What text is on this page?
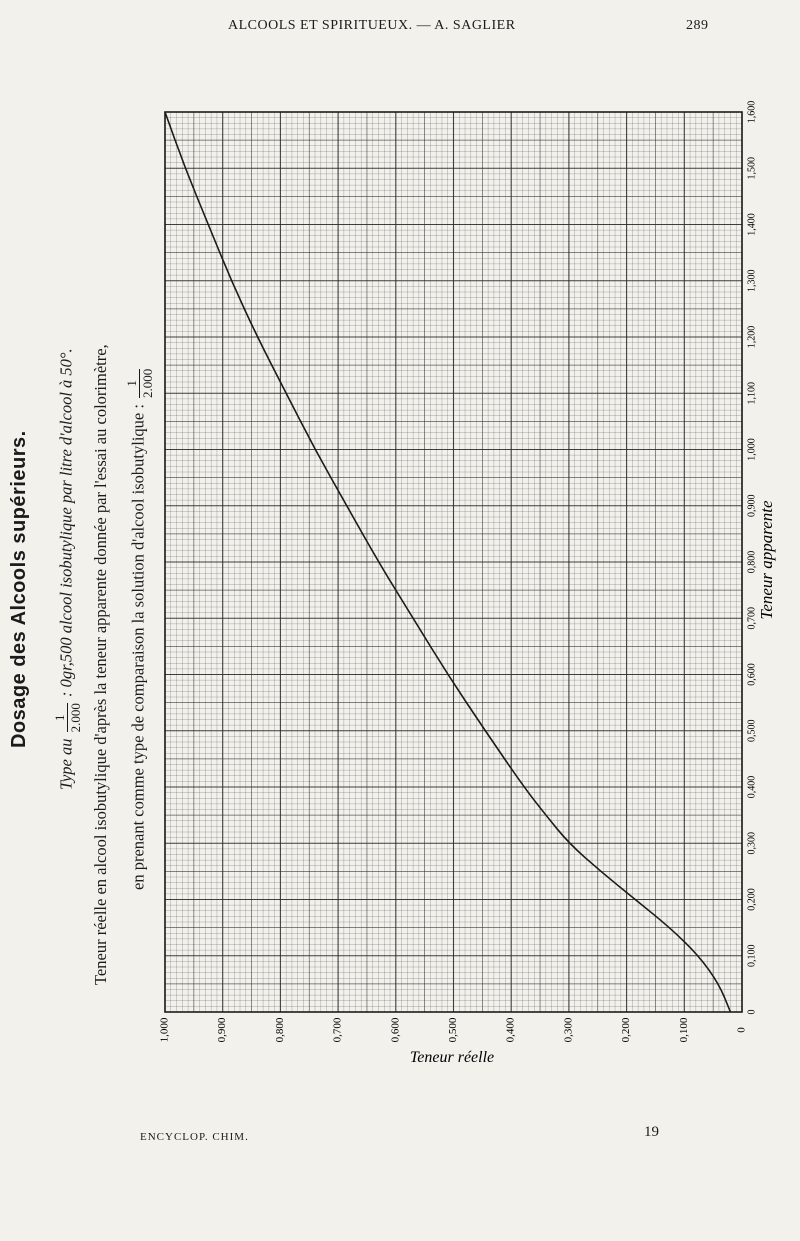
ALCOOLS ET SPIRITUEUX. — A. SAGLIER	289
Dosage des Alcools supérieurs.
Type au
1 2.000
: 0gr,500 alcool isobutylique par litre d'alcool à 50°. Teneur réelle en alcool isobutylique d'après la teneur apparente donnée par l'essai au colorimètre, en prenant comme type de comparaison la solution d'alcool isobutylique :
1 2.000
0
0,100
0,200
0,300
0,400
0,500
0,600
0,700
0,800
0,900
1,000
1,100
1,200
1,300
1,400
1,500
1,600
0
0,100
0,200
0,300
0,400
0,500
0,600
0,700
0,800
0,900
1,000
Teneur apparente
Teneur réelle
ENCYCLOP. CHIM.	19
